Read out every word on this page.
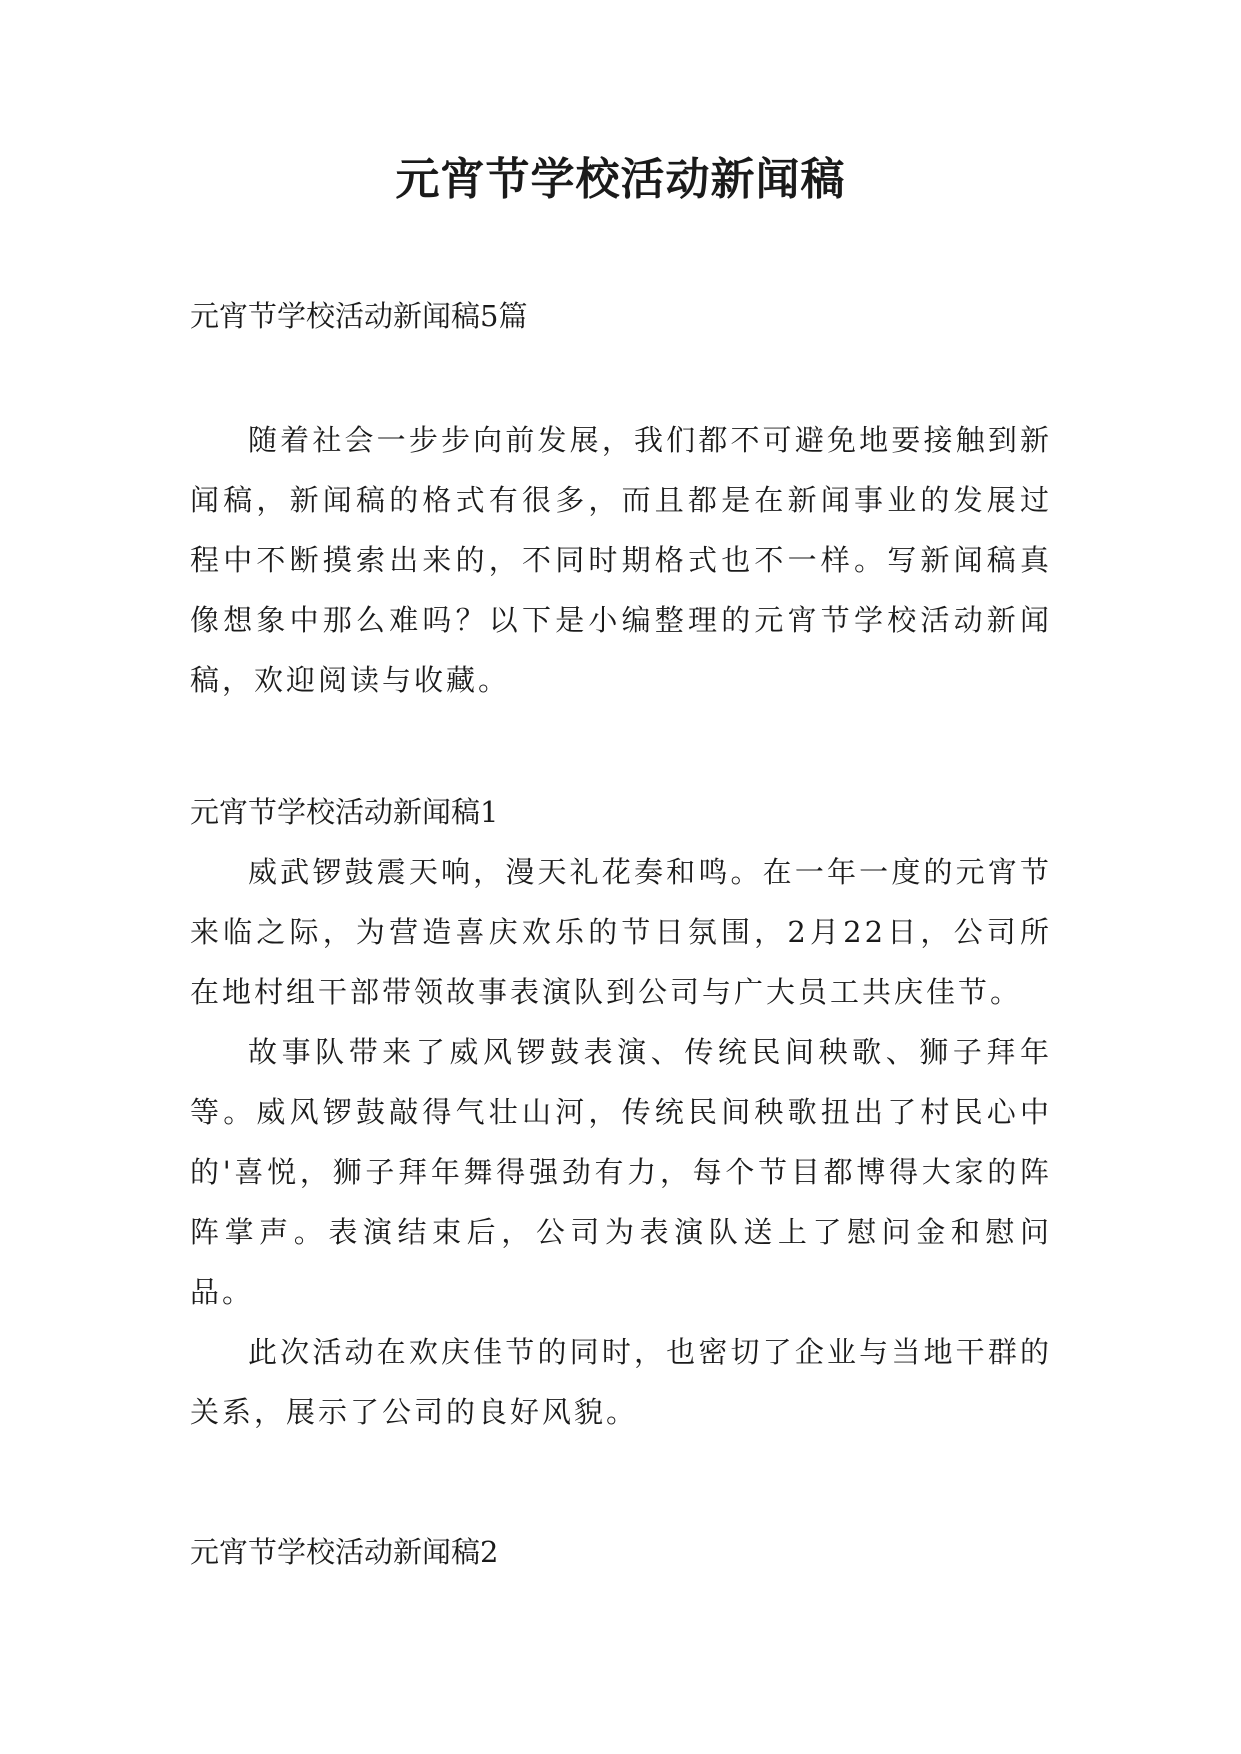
元宵节学校活动新闻稿

元宵节学校活动新闻稿5篇

随着社会一步步向前发展，我们都不可避免地要接触到新闻稿，新闻稿的格式有很多，而且都是在新闻事业的发展过程中不断摸索出来的，不同时期格式也不一样。写新闻稿真像想象中那么难吗？以下是小编整理的元宵节学校活动新闻稿，欢迎阅读与收藏。

元宵节学校活动新闻稿1

威武锣鼓震天响，漫天礼花奏和鸣。在一年一度的元宵节来临之际，为营造喜庆欢乐的节日氛围，2月22日，公司所在地村组干部带领故事表演队到公司与广大员工共庆佳节。

故事队带来了威风锣鼓表演、传统民间秧歌、狮子拜年等。威风锣鼓敲得气壮山河，传统民间秧歌扭出了村民心中的'喜悦，狮子拜年舞得强劲有力，每个节目都博得大家的阵阵掌声。表演结束后，公司为表演队送上了慰问金和慰问品。

此次活动在欢庆佳节的同时，也密切了企业与当地干群的关系，展示了公司的良好风貌。

元宵节学校活动新闻稿2
